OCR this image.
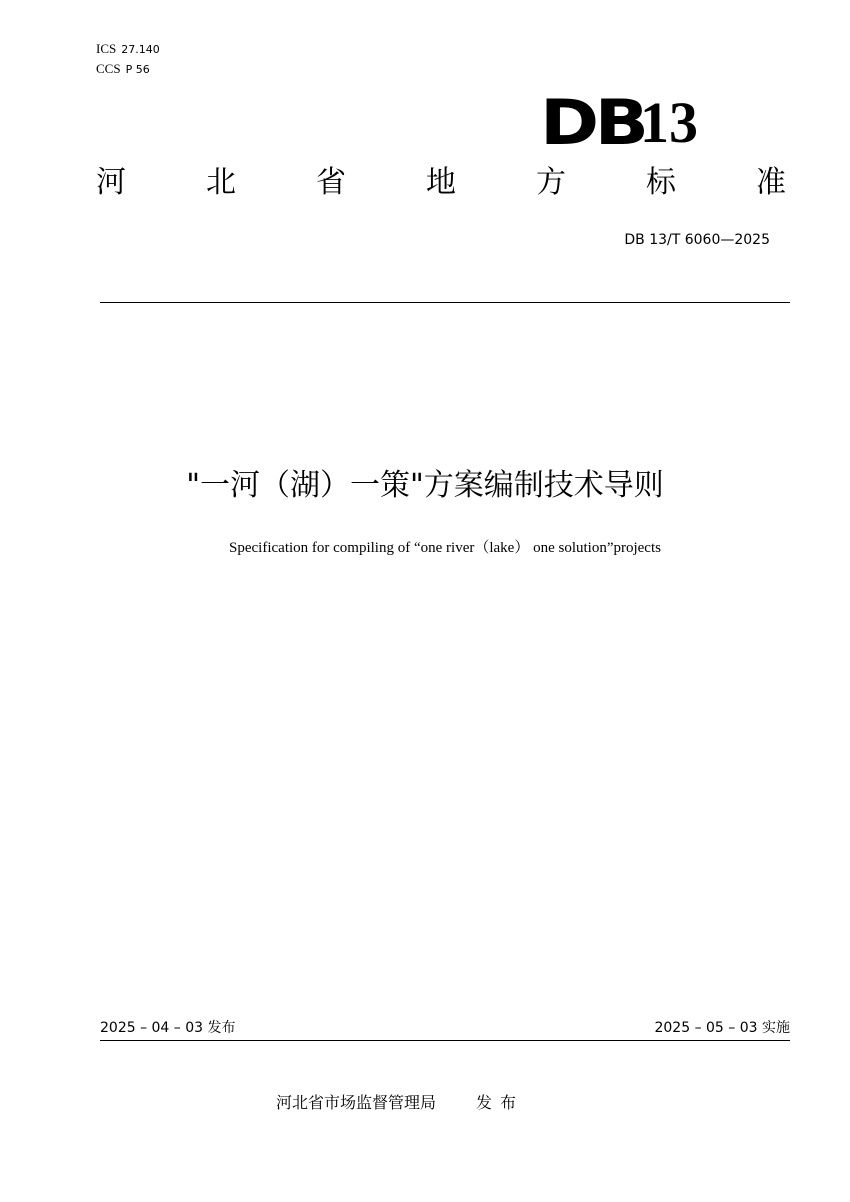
ICS 27.140
CCS P 56
DB
13
河	北	省	地	方	标	准
DB 13/T 6060—2025
"一河（湖）一策"方案编制技术导则
Specification for compiling of “one river（lake） one solution”projects
2025 – 04 – 03 发布	2025 – 05 – 03 实施
河北省市场监督管理局	发布
